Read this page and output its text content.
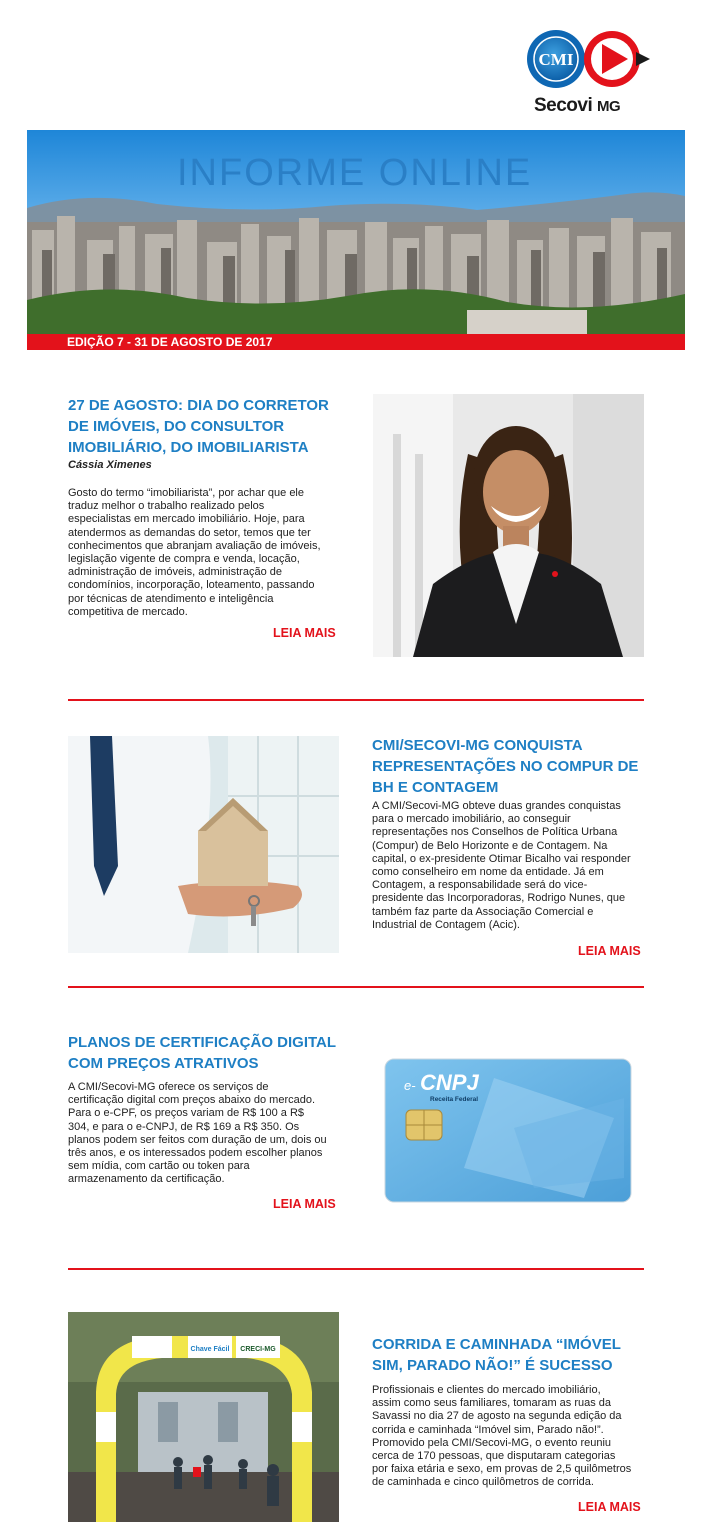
CMI
Secovi MG
INFORME ONLINE
EDIÇÃO 7 - 31 DE AGOSTO DE 2017
27 DE AGOSTO: DIA DO CORRETOR
DE IMÓVEIS, DO CONSULTOR
IMOBILIÁRIO, DO IMOBILIARISTA
Cássia Ximenes
Gosto do termo “imobiliarista”, por achar que ele
traduz melhor o trabalho realizado pelos
especialistas em mercado imobiliário. Hoje, para
atendermos as demandas do setor, temos que ter
conhecimentos que abranjam avaliação de imóveis,
legislação vigente de compra e venda, locação,
administração de imóveis, administração de
condomínios, incorporação, loteamento, passando
por técnicas de atendimento e inteligência
competitiva de mercado.
LEIA MAIS
CMI/SECOVI-MG CONQUISTA
REPRESENTAÇÕES NO COMPUR DE
BH E CONTAGEM
A CMI/Secovi-MG obteve duas grandes conquistas
para o mercado imobiliário, ao conseguir
representações nos Conselhos de Política Urbana
(Compur) de Belo Horizonte e de Contagem. Na
capital, o ex-presidente Otimar Bicalho vai responder
como conselheiro em nome da entidade. Já em
Contagem, a responsabilidade será do vice-
presidente das Incorporadoras, Rodrigo Nunes, que
também faz parte da Associação Comercial e
Industrial de Contagem (Acic).
LEIA MAIS
PLANOS DE CERTIFICAÇÃO DIGITAL
COM PREÇOS ATRATIVOS
A CMI/Secovi-MG oferece os serviços de
certificação digital com preços abaixo do mercado.
Para o e-CPF, os preços variam de R$ 100 a R$
304, e para o e-CNPJ, de R$ 169 a R$ 350. Os
planos podem ser feitos com duração de um, dois ou
três anos, e os interessados podem escolher planos
sem mídia, com cartão ou token para
armazenamento da certificação.
LEIA MAIS
e- CNPJ
Receita Federal
Chave Fácil CRECI-MG	CORRIDA E CAMINHADA “IMÓVEL
SIM, PARADO NÃO!” É SUCESSO
Profissionais e clientes do mercado imobiliário,
assim como seus familiares, tomaram as ruas da
Savassi no dia 27 de agosto na segunda edição da
corrida e caminhada “Imóvel sim, Parado não!”.
Promovido pela CMI/Secovi-MG, o evento reuniu
cerca de 170 pessoas, que disputaram categorias
por faixa etária e sexo, em provas de 2,5 quilômetros
de caminhada e cinco quilômetros de corrida.
LEIA MAIS
